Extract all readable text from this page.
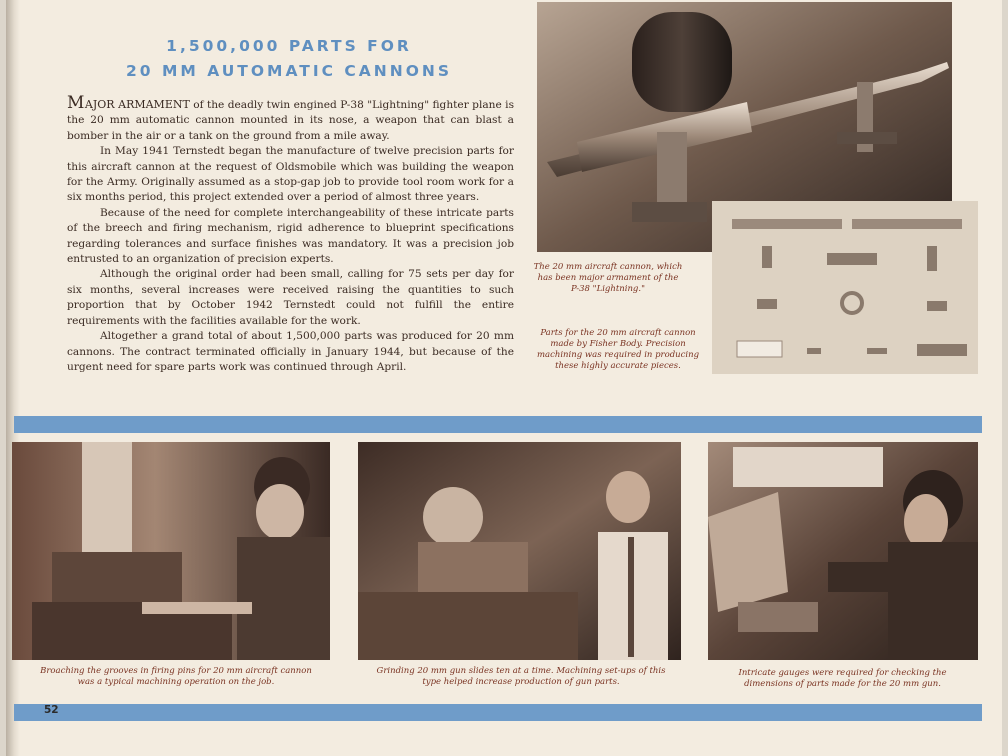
1,500,000 PARTS FOR
20 MM AUTOMATIC CANNONS

MAJOR ARMAMENT of the deadly twin engined P-38 "Lightning" fighter plane is the 20 mm automatic cannon mounted in its nose, a weapon that can blast a bomber in the air or a tank on the ground from a mile away.

In May 1941 Ternstedt began the manufacture of twelve precision parts for this aircraft cannon at the request of Oldsmobile which was building the weapon for the Army. Originally assumed as a stop-gap job to provide tool room work for a six months period, this project extended over a period of almost three years.

Because of the need for complete interchangeability of these intricate parts of the breech and firing mechanism, rigid adherence to blueprint specifications regarding tolerances and surface finishes was mandatory. It was a precision job entrusted to an organization of precision experts.

Although the original order had been small, calling for 75 sets per day for six months, several increases were received raising the quantities to such proportion that by October 1942 Ternstedt could not fulfill the entire requirements with the facilities available for the work.

Altogether a grand total of about 1,500,000 parts was produced for 20 mm cannons. The contract terminated officially in January 1944, but because of the urgent need for spare parts work was continued through April.

The 20 mm aircraft cannon, which has been major armament of the P-38 "Lightning."
Parts for the 20 mm aircraft cannon made by Fisher Body. Precision machining was required in producing these highly accurate pieces.
Broaching the grooves in firing pins for 20 mm aircraft cannon was a typical machining operation on the job.
Grinding 20 mm gun slides ten at a time. Machining set-ups of this type helped increase production of gun parts.
Intricate gauges were required for checking the dimensions of parts made for the 20 mm gun.
52
